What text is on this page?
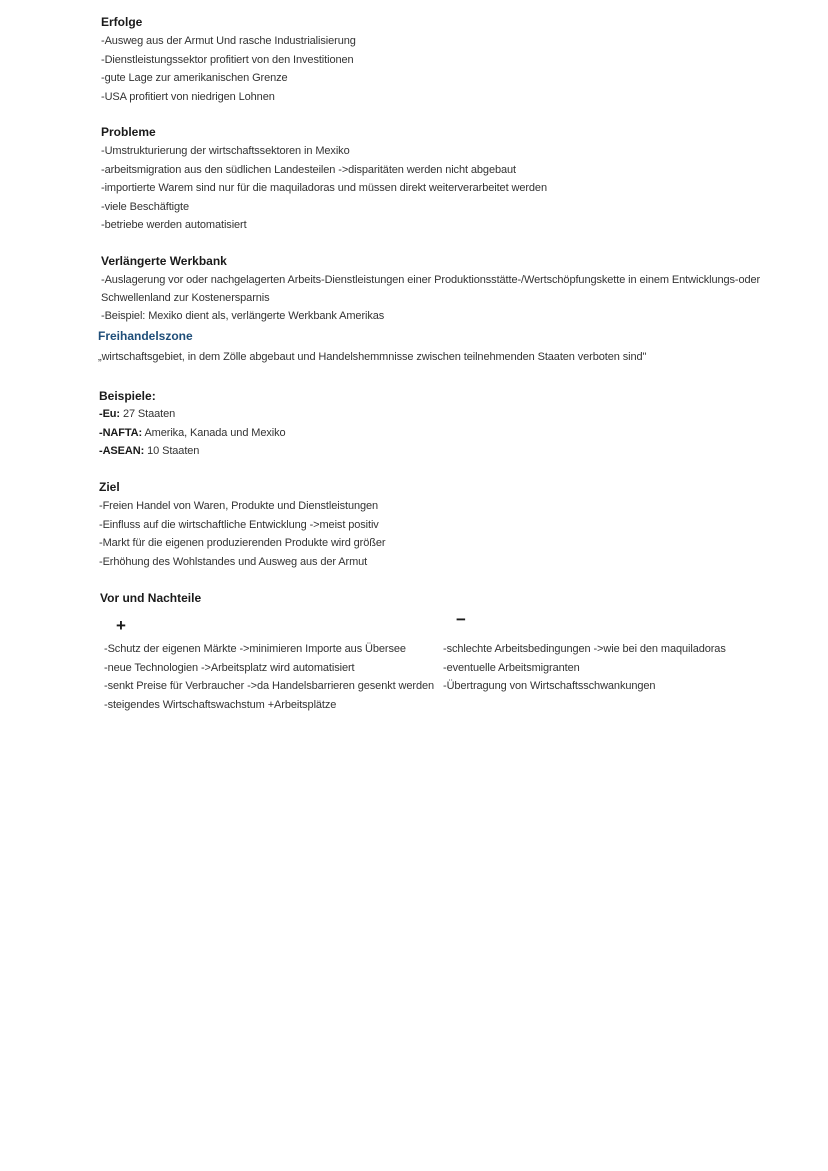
Erfolge
-Ausweg aus der Armut Und rasche Industrialisierung
-Dienstleistungssektor profitiert von den Investitionen
-gute Lage zur amerikanischen Grenze
-USA profitiert von niedrigen Lohnen
Probleme
-Umstrukturierung der wirtschaftssektoren in Mexiko
-arbeitsmigration aus den südlichen Landesteilen ->disparitäten werden nicht abgebaut
-importierte Warem sind nur für die maquiladoras und müssen direkt weiterverarbeitet werden
-viele Beschäftigte
-betriebe werden automatisiert
Verlängerte Werkbank
-Auslagerung vor oder nachgelagerten Arbeits-Dienstleistungen einer Produktionsstätte-/Wertschöpfungskette in einem Entwicklungs-oder Schwellenland zur Kostenersparnis
-Beispiel: Mexiko dient als, verlängerte Werkbank Amerikas
Freihandelszone
„wirtschaftsgebiet, in dem Zölle abgebaut und Handelshemmnisse zwischen teilnehmenden Staaten verboten sind"
Beispiele:
-Eu: 27 Staaten
-NAFTA: Amerika, Kanada und Mexiko
-ASEAN: 10 Staaten
Ziel
-Freien Handel von Waren, Produkte und Dienstleistungen
-Einfluss auf die wirtschaftliche Entwicklung ->meist positiv
-Markt für die eigenen produzierenden Produkte wird größer
-Erhöhung des Wohlstandes und Ausweg aus der Armut
Vor und Nachteile
+	−
-Schutz der eigenen Märkte ->minimieren Importe aus Übersee
-neue Technologien ->Arbeitsplatz wird automatisiert
-senkt Preise für Verbraucher ->da Handelsbarrieren gesenkt werden
-steigendes Wirtschaftswachstum +Arbeitsplätze
-schlechte Arbeitsbedingungen ->wie bei den maquiladoras
-eventuelle Arbeitsmigranten
-Übertragung von Wirtschaftsschwankungen
